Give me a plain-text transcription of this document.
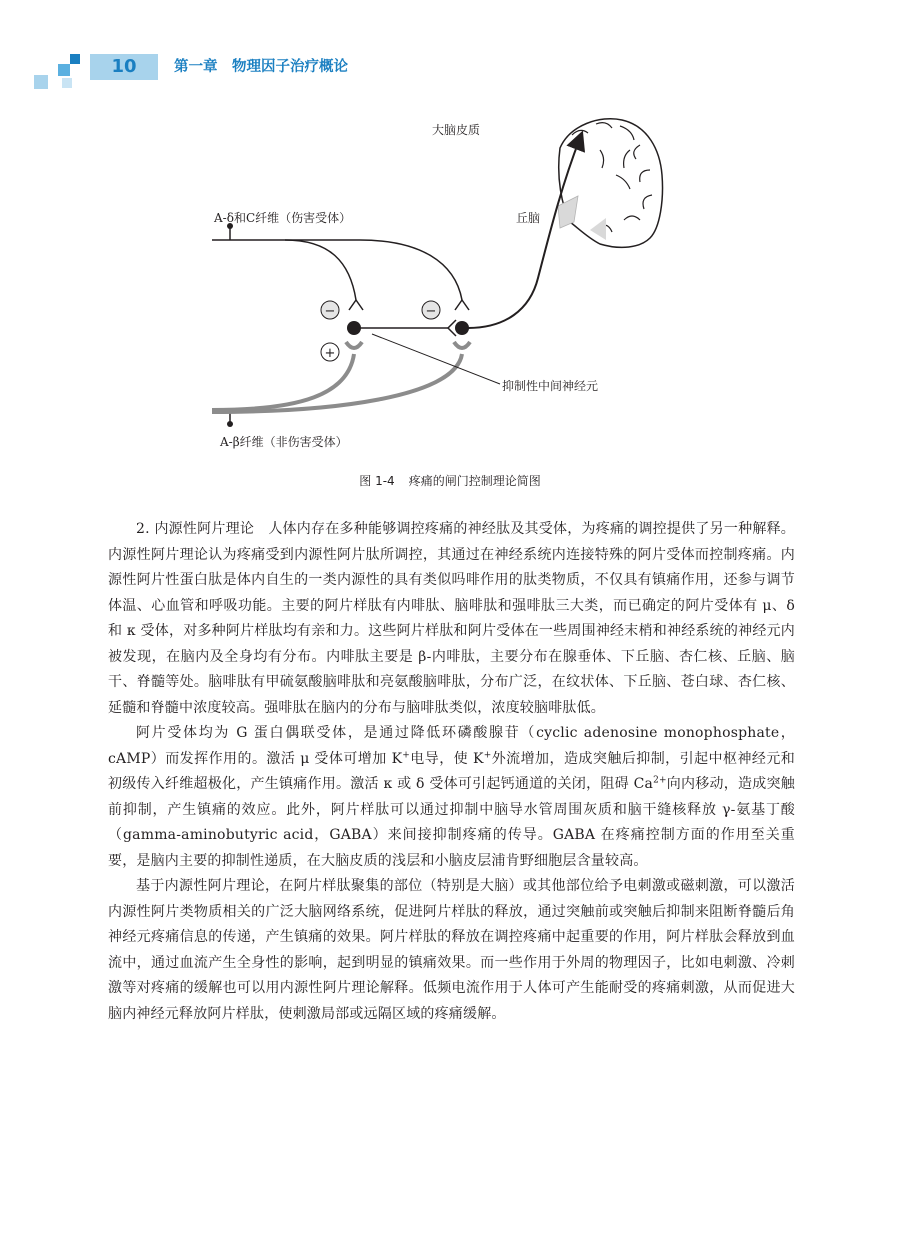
10	第一章　物理因子治疗概论
−	−
+
大脑皮质
丘脑
A-δ和C纤维（伤害受体）
A-β纤维（非伤害受体）
抑制性中间神经元
图 1-4 疼痛的闸门控制理论简图

2. 内源性阿片理论　人体内存在多种能够调控疼痛的神经肽及其受体，为疼痛的调控提供了另一种解释。内源性阿片理论认为疼痛受到内源性阿片肽所调控，其通过在神经系统内连接特殊的阿片受体而控制疼痛。内源性阿片性蛋白肽是体内自生的一类内源性的具有类似吗啡作用的肽类物质，不仅具有镇痛作用，还参与调节体温、心血管和呼吸功能。主要的阿片样肽有内啡肽、脑啡肽和强啡肽三大类，而已确定的阿片受体有 μ、δ 和 κ 受体，对多种阿片样肽均有亲和力。这些阿片样肽和阿片受体在一些周围神经末梢和神经系统的神经元内被发现，在脑内及全身均有分布。内啡肽主要是 β-内啡肽，主要分布在腺垂体、下丘脑、杏仁核、丘脑、脑干、脊髓等处。脑啡肽有甲硫氨酸脑啡肽和亮氨酸脑啡肽，分布广泛，在纹状体、下丘脑、苍白球、杏仁核、延髓和脊髓中浓度较高。强啡肽在脑内的分布与脑啡肽类似，浓度较脑啡肽低。

阿片受体均为 G 蛋白偶联受体，是通过降低环磷酸腺苷（cyclic adenosine monophosphate，cAMP）而发挥作用的。激活 μ 受体可增加 K+电导，使 K+外流增加，造成突触后抑制，引起中枢神经元和初级传入纤维超极化，产生镇痛作用。激活 κ 或 δ 受体可引起钙通道的关闭，阻碍 $Ca^{2+}$向内移动，造成突触前抑制，产生镇痛的效应。此外，阿片样肽可以通过抑制中脑导水管周围灰质和脑干缝核释放 γ-氨基丁酸（gamma-aminobutyric acid，GABA）来间接抑制疼痛的传导。GABA 在疼痛控制方面的作用至关重要，是脑内主要的抑制性递质，在大脑皮质的浅层和小脑皮层浦肯野细胞层含量较高。

基于内源性阿片理论，在阿片样肽聚集的部位（特别是大脑）或其他部位给予电刺激或磁刺激，可以激活内源性阿片类物质相关的广泛大脑网络系统，促进阿片样肽的释放，通过突触前或突触后抑制来阻断脊髓后角神经元疼痛信息的传递，产生镇痛的效果。阿片样肽的释放在调控疼痛中起重要的作用，阿片样肽会释放到血流中，通过血流产生全身性的影响，起到明显的镇痛效果。而一些作用于外周的物理因子，比如电刺激、冷刺激等对疼痛的缓解也可以用内源性阿片理论解释。低频电流作用于人体可产生能耐受的疼痛刺激，从而促进大脑内神经元释放阿片样肽，使刺激局部或远隔区域的疼痛缓解。
